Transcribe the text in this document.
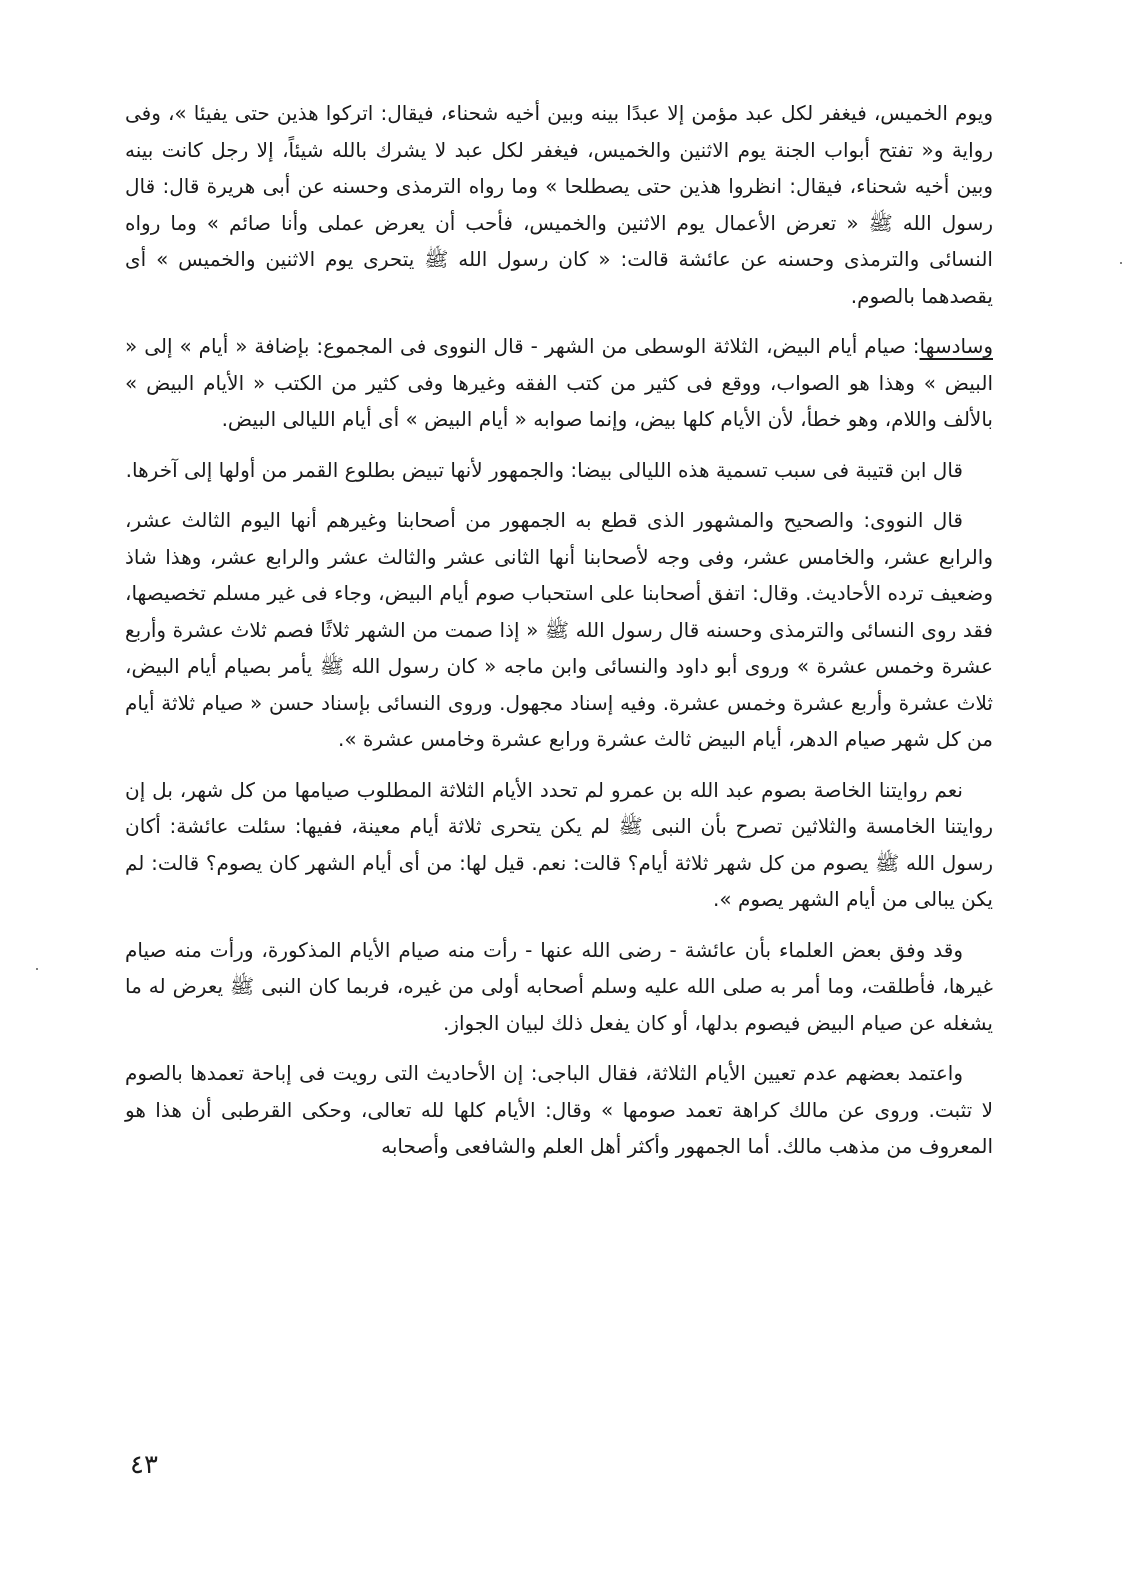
ويوم الخميس، فيغفر لكل عبد مؤمن إلا عبدًا بينه وبين أخيه شحناء، فيقال: اتركوا هذين حتى يفيئا »، وفى رواية و« تفتح أبواب الجنة يوم الاثنين والخميس، فيغفر لكل عبد لا يشرك بالله شيئاً، إلا رجل كانت بينه وبين أخيه شحناء، فيقال: انظروا هذين حتى يصطلحا » وما رواه الترمذى وحسنه عن أبى هريرة قال: قال رسول الله ﷺ « تعرض الأعمال يوم الاثنين والخميس، فأحب أن يعرض عملى وأنا صائم » وما رواه النسائى والترمذى وحسنه عن عائشة قالت: « كان رسول الله ﷺ يتحرى يوم الاثنين والخميس » أى يقصدهما بالصوم.

وسادسها: صيام أيام البيض، الثلاثة الوسطى من الشهر - قال النووى فى المجموع: بإضافة « أيام » إلى « البيض » وهذا هو الصواب، ووقع فى كثير من كتب الفقه وغيرها وفى كثير من الكتب « الأيام البيض » بالألف واللام، وهو خطأ، لأن الأيام كلها بيض، وإنما صوابه « أيام البيض » أى أيام الليالى البيض.

قال ابن قتيبة فى سبب تسمية هذه الليالى بيضا: والجمهور لأنها تبيض بطلوع القمر من أولها إلى آخرها.

قال النووى: والصحيح والمشهور الذى قطع به الجمهور من أصحابنا وغيرهم أنها اليوم الثالث عشر، والرابع عشر، والخامس عشر، وفى وجه لأصحابنا أنها الثانى عشر والثالث عشر والرابع عشر، وهذا شاذ وضعيف ترده الأحاديث. وقال: اتفق أصحابنا على استحباب صوم أيام البيض، وجاء فى غير مسلم تخصيصها، فقد روى النسائى والترمذى وحسنه قال رسول الله ﷺ « إذا صمت من الشهر ثلاثًا فصم ثلاث عشرة وأربع عشرة وخمس عشرة » وروى أبو داود والنسائى وابن ماجه « كان رسول الله ﷺ يأمر بصيام أيام البيض، ثلاث عشرة وأربع عشرة وخمس عشرة. وفيه إسناد مجهول. وروى النسائى بإسناد حسن « صيام ثلاثة أيام من كل شهر صيام الدهر، أيام البيض ثالث عشرة ورابع عشرة وخامس عشرة ».

نعم روايتنا الخاصة بصوم عبد الله بن عمرو لم تحدد الأيام الثلاثة المطلوب صيامها من كل شهر، بل إن روايتنا الخامسة والثلاثين تصرح بأن النبى ﷺ لم يكن يتحرى ثلاثة أيام معينة، ففيها: سئلت عائشة: أكان رسول الله ﷺ يصوم من كل شهر ثلاثة أيام؟ قالت: نعم. قيل لها: من أى أيام الشهر كان يصوم؟ قالت: لم يكن يبالى من أيام الشهر يصوم ».

وقد وفق بعض العلماء بأن عائشة - رضى الله عنها - رأت منه صيام الأيام المذكورة، ورأت منه صيام غيرها، فأطلقت، وما أمر به صلى الله عليه وسلم أصحابه أولى من غيره، فربما كان النبى ﷺ يعرض له ما يشغله عن صيام البيض فيصوم بدلها، أو كان يفعل ذلك لبيان الجواز.

واعتمد بعضهم عدم تعيين الأيام الثلاثة، فقال الباجى: إن الأحاديث التى رويت فى إباحة تعمدها بالصوم لا تثبت. وروى عن مالك كراهة تعمد صومها » وقال: الأيام كلها لله تعالى، وحكى القرطبى أن هذا هو المعروف من مذهب مالك. أما الجمهور وأكثر أهل العلم والشافعى وأصحابه

٤٣
